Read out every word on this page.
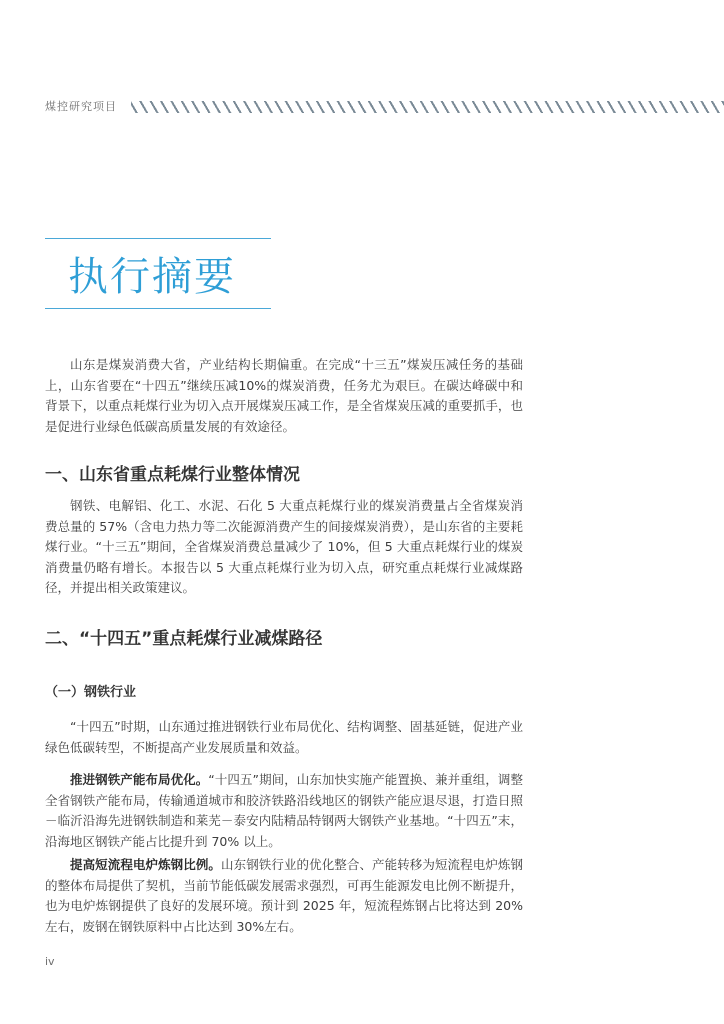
煤控研究项目
执行摘要

山东是煤炭消费大省，产业结构长期偏重。在完成“十三五”煤炭压减任务的基础上，山东省要在“十四五”继续压减10%的煤炭消费，任务尤为艰巨。在碳达峰碳中和背景下，以重点耗煤行业为切入点开展煤炭压减工作，是全省煤炭压减的重要抓手，也是促进行业绿色低碳高质量发展的有效途径。

一、山东省重点耗煤行业整体情况

钢铁、电解铝、化工、水泥、石化 5 大重点耗煤行业的煤炭消费量占全省煤炭消费总量的 57%（含电力热力等二次能源消费产生的间接煤炭消费），是山东省的主要耗煤行业。“十三五”期间，全省煤炭消费总量减少了 10%，但 5 大重点耗煤行业的煤炭消费量仍略有增长。本报告以 5 大重点耗煤行业为切入点，研究重点耗煤行业减煤路径，并提出相关政策建议。

二、“十四五”重点耗煤行业减煤路径
（一）钢铁行业

“十四五”时期，山东通过推进钢铁行业布局优化、结构调整、固基延链，促进产业绿色低碳转型，不断提高产业发展质量和效益。

推进钢铁产能布局优化。“十四五”期间，山东加快实施产能置换、兼并重组，调整全省钢铁产能布局，传输通道城市和胶济铁路沿线地区的钢铁产能应退尽退，打造日照－临沂沿海先进钢铁制造和莱芜－泰安内陆精品特钢两大钢铁产业基地。“十四五”末，沿海地区钢铁产能占比提升到 70% 以上。

提高短流程电炉炼钢比例。山东钢铁行业的优化整合、产能转移为短流程电炉炼钢的整体布局提供了契机，当前节能低碳发展需求强烈，可再生能源发电比例不断提升，也为电炉炼钢提供了良好的发展环境。预计到 2025 年，短流程炼钢占比将达到 20% 左右，废钢在钢铁原料中占比达到 30%左右。

iv
